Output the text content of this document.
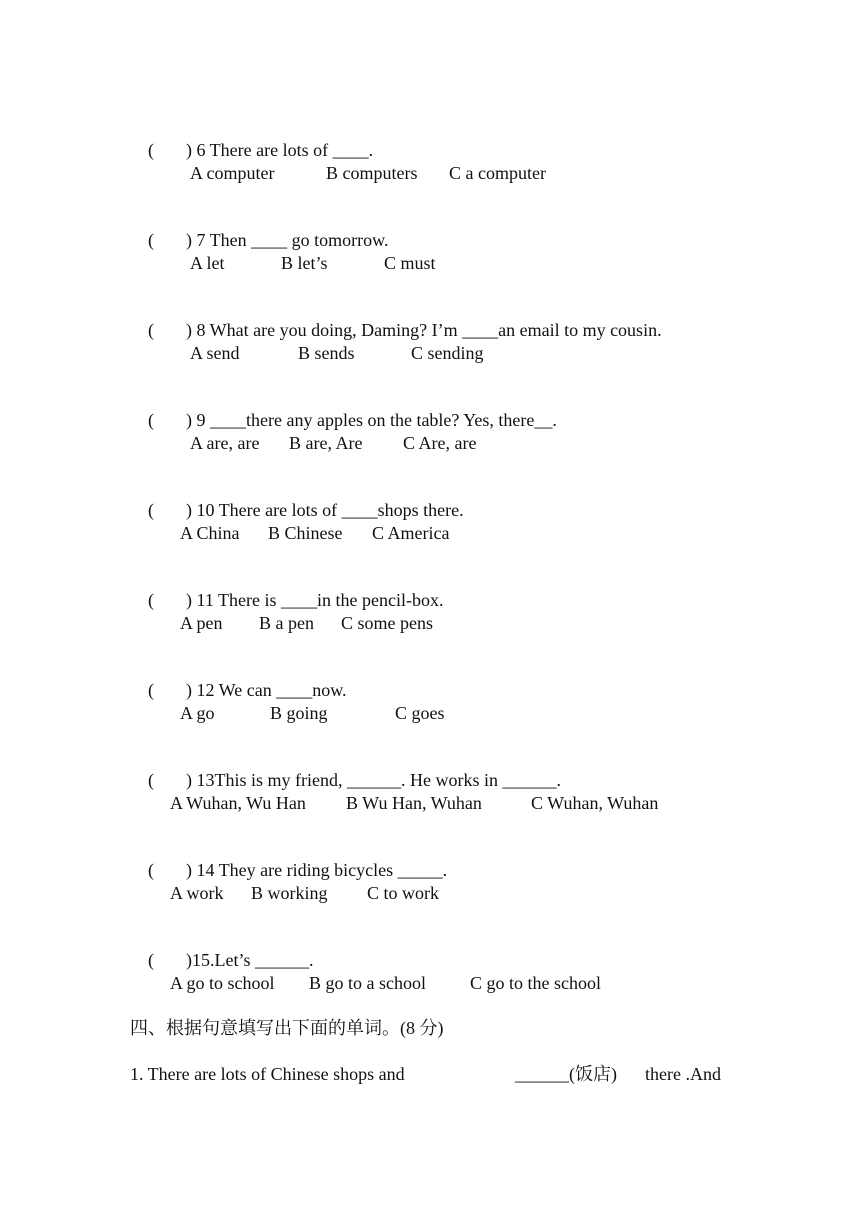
( ) 6 There are lots of ____.

A computer	B computers C a computer

( ) 7 Then ____ go tomorrow.

A let	B let’s	C must

( ) 8 What are you doing, Daming? I’m ____an email to my cousin.

A send	B sends	C sending

( ) 9 ____there any apples on the table? Yes, there__.

A are, are B are, Are C Are, are

( ) 10 There are lots of ____shops there.

A China B Chinese C America

( ) 11 There is ____in the pencil-box.

A pen B a pen C some pens

( ) 12 We can ____now.

A go	B going	C goes

( ) 13This is my friend, ______. He works in ______.

A Wuhan, Wu Han B Wu Han, Wuhan	C Wuhan, Wuhan

( ) 14 They are riding bicycles _____.

A work B working C to work

( )15.Let’s ______.

A go to school B go to a school C go to the school
四、根据句意填写出下面的单词。(8 分)
1. There are lots of Chinese shops and	______(饭店) there .And
